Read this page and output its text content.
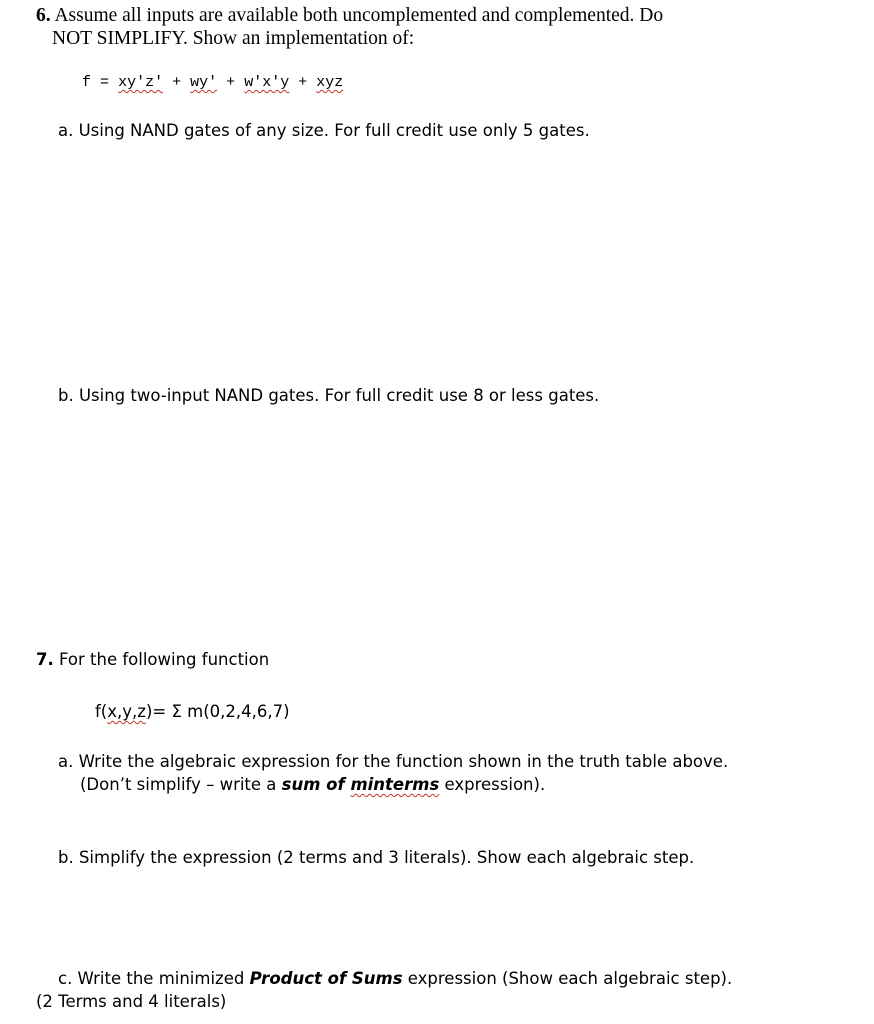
6. Assume all inputs are available both uncomplemented and complemented. Do
NOT SIMPLIFY. Show an implementation of:
f = xy'z' + wy' + w'x'y + xyz
a. Using NAND gates of any size. For full credit use only 5 gates.
b. Using two-input NAND gates. For full credit use 8 or less gates.
7. For the following function
f(x,y,z)= Σ m(0,2,4,6,7)
a. Write the algebraic expression for the function shown in the truth table above.
(Don’t simplify – write a sum of minterms expression).
b. Simplify the expression (2 terms and 3 literals). Show each algebraic step.
c. Write the minimized Product of Sums expression (Show each algebraic step).
(2 Terms and 4 literals)
